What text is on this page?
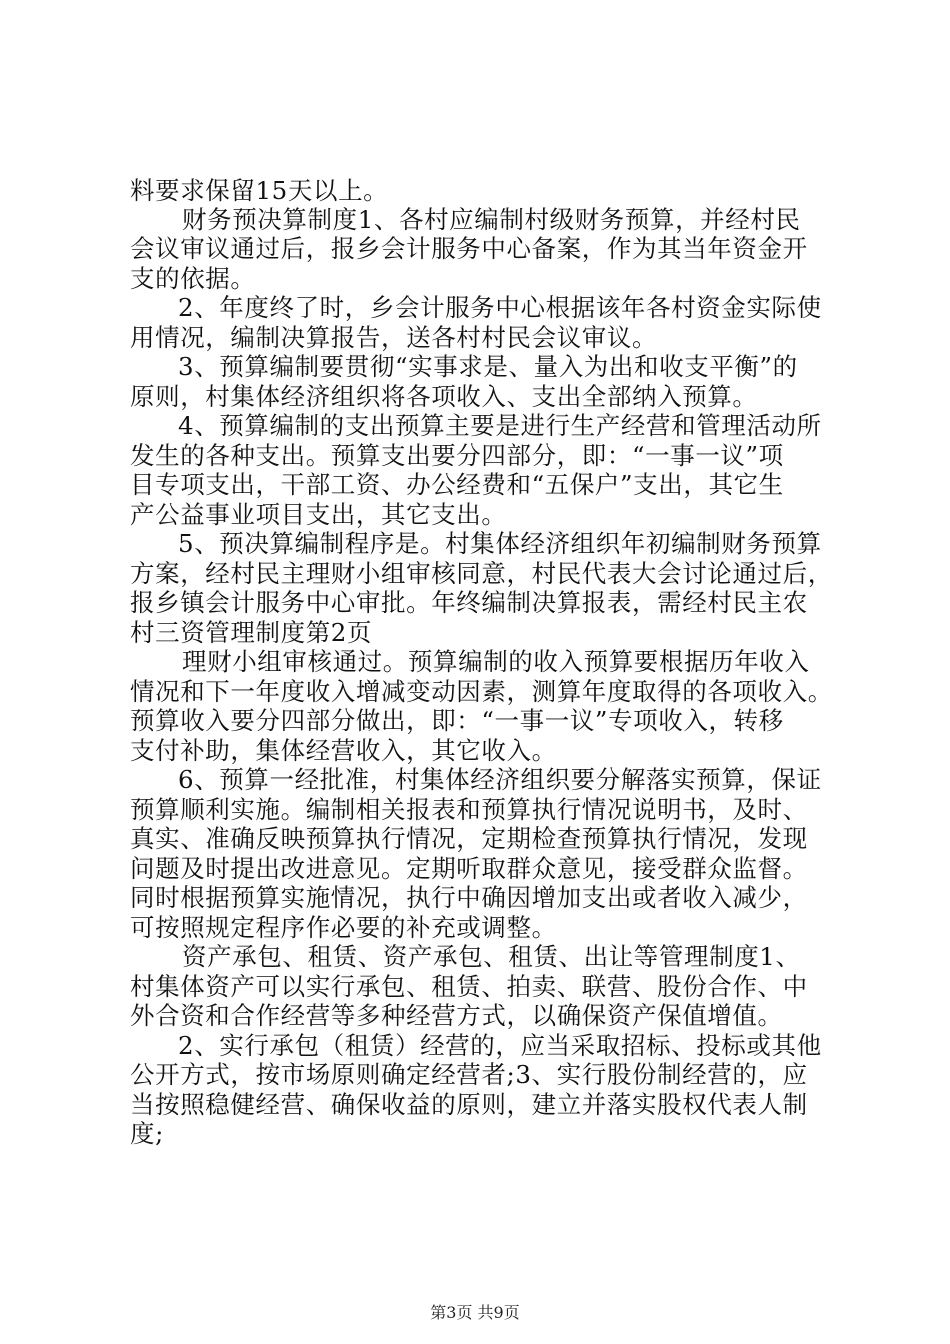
料要求保留15天以上。
财务预决算制度1、各村应编制村级财务预算，并经村民
会议审议通过后，报乡会计服务中心备案，作为其当年资金开
支的依据。
2、年度终了时，乡会计服务中心根据该年各村资金实际使
用情况，编制决算报告，送各村村民会议审议。
3、预算编制要贯彻“实事求是、量入为出和收支平衡”的
原则，村集体经济组织将各项收入、支出全部纳入预算。
4、预算编制的支出预算主要是进行生产经营和管理活动所
发生的各种支出。预算支出要分四部分，即：“一事一议”项
目专项支出，干部工资、办公经费和“五保户”支出，其它生
产公益事业项目支出，其它支出。
5、预决算编制程序是。村集体经济组织年初编制财务预算
方案，经村民主理财小组审核同意，村民代表大会讨论通过后，
报乡镇会计服务中心审批。年终编制决算报表，需经村民主农
村三资管理制度第2页
理财小组审核通过。预算编制的收入预算要根据历年收入
情况和下一年度收入增减变动因素，测算年度取得的各项收入。
预算收入要分四部分做出，即：“一事一议”专项收入，转移
支付补助，集体经营收入，其它收入。
6、预算一经批准，村集体经济组织要分解落实预算，保证
预算顺利实施。编制相关报表和预算执行情况说明书，及时、
真实、准确反映预算执行情况，定期检查预算执行情况，发现
问题及时提出改进意见。定期听取群众意见，接受群众监督。
同时根据预算实施情况，执行中确因增加支出或者收入减少，
可按照规定程序作必要的补充或调整。
资产承包、租赁、资产承包、租赁、出让等管理制度1、
村集体资产可以实行承包、租赁、拍卖、联营、股份合作、中
外合资和合作经营等多种经营方式，以确保资产保值增值。
2、实行承包（租赁）经营的，应当采取招标、投标或其他
公开方式，按市场原则确定经营者;3、实行股份制经营的，应
当按照稳健经营、确保收益的原则，建立并落实股权代表人制
度;
第3页 共9页
